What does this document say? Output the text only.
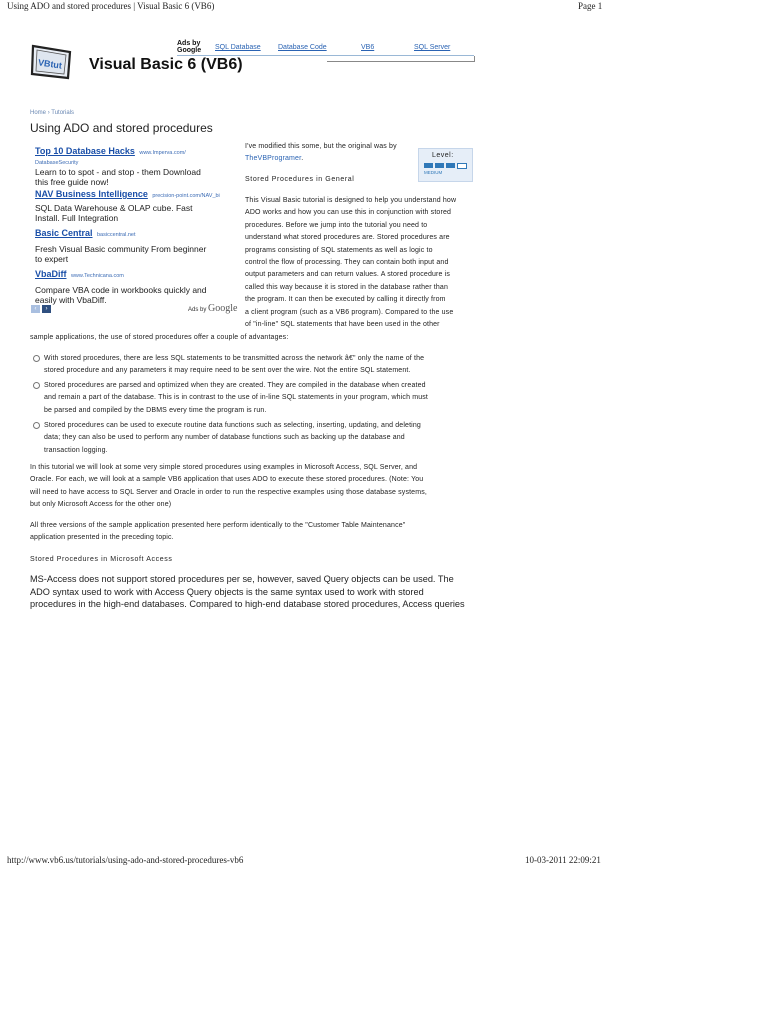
Using ADO and stored procedures | Visual Basic 6 (VB6)	Page 1
Ads by
Google SQL Database Database Code	VB6	SQL Server
VBtut Visual Basic 6 (VB6)
Home › Tutorials
Using ADO and stored procedures
Top 10 Database Hacks www.Imperva.com/
DatabaseSecurity
Learn to to spot - and stop - them Download
this free guide now!
NAV Business Intelligence precision-point.com/NAV_bi
SQL Data Warehouse & OLAP cube. Fast
Install. Full Integration
Basic Central basiccentral.net
Fresh Visual Basic community From beginner
to expert
VbaDiff www.Technicana.com
Compare VBA code in workbooks quickly and
easily with VbaDiff.
‹	›	Ads by Google
I've modified this some, but the original was by
TheVBProgramer.	Level:
MEDIUM
Stored Procedures in General
This Visual Basic tutorial is designed to help you understand how
ADO works and how you can use this in conjunction with stored
procedures. Before we jump into the tutorial you need to
understand what stored procedures are. Stored procedures are
programs consisting of SQL statements as well as logic to
control the flow of processing. They can contain both input and
output parameters and can return values. A stored procedure is
called this way because it is stored in the database rather than
the program. It can then be executed by calling it directly from
a client program (such as a VB6 program). Compared to the use
of "in-line" SQL statements that have been used in the other
sample applications, the use of stored procedures offer a couple of advantages:
With stored procedures, there are less SQL statements to be transmitted across the network â€" only the name of the
stored procedure and any parameters it may require need to be sent over the wire. Not the entire SQL statement.
Stored procedures are parsed and optimized when they are created. They are compiled in the database when created
and remain a part of the database. This is in contrast to the use of in-line SQL statements in your program, which must
be parsed and compiled by the DBMS every time the program is run.
Stored procedures can be used to execute routine data functions such as selecting, inserting, updating, and deleting
data; they can also be used to perform any number of database functions such as backing up the database and
transaction logging.
In this tutorial we will look at some very simple stored procedures using examples in Microsoft Access, SQL Server, and
Oracle. For each, we will look at a sample VB6 application that uses ADO to execute these stored procedures. (Note: You
will need to have access to SQL Server and Oracle in order to run the respective examples using those database systems,
but only Microsoft Access for the other one)
All three versions of the sample application presented here perform identically to the "Customer Table Maintenance"
application presented in the preceding topic.
Stored Procedures in Microsoft Access
MS-Access does not support stored procedures per se, however, saved Query objects can be used. The
ADO syntax used to work with Access Query objects is the same syntax used to work with stored
procedures in the high-end databases. Compared to high-end database stored procedures, Access queries
http://www.vb6.us/tutorials/using-ado-and-stored-procedures-vb6	10-03-2011 22:09:21
